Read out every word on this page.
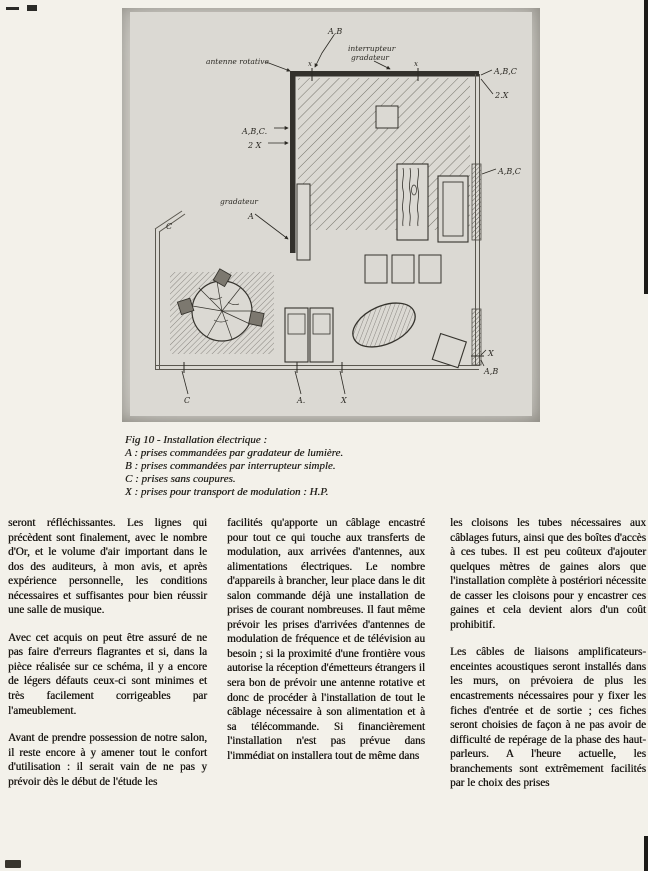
A,B
interrupteur
gradateur
antenne rotative
A,B,C
2.X
A,B,C
A,B,C.
2 X
gradateur
A
C
C	A.	X
X
A,B
x	x
Fig 10 - Installation électrique :
A : prises commandées par gradateur de lumière.
B : prises commandées par interrupteur simple.
C : prises sans coupures.
X : prises pour transport de modulation : H.P.

seront réfléchissantes. Les lignes qui précèdent sont finalement, avec le nombre d'Or, et le volume d'air important dans le dos des auditeurs, à mon avis, et après expérience personnelle, les conditions nécessaires et suffisantes pour bien réussir une salle de musique.

Avec cet acquis on peut être assuré de ne pas faire d'erreurs flagrantes et si, dans la pièce réalisée sur ce schéma, il y a encore de légers défauts ceux-ci sont minimes et très facilement corrigeables par l'ameublement.

Avant de prendre possession de notre salon, il reste encore à y amener tout le confort d'utilisation : il serait vain de ne pas y prévoir dès le début de l'étude les

facilités qu'apporte un câblage encastré pour tout ce qui touche aux transferts de modulation, aux arrivées d'antennes, aux alimentations électriques. Le nombre d'appareils à brancher, leur place dans le dit salon commande déjà une installation de prises de courant nombreuses. Il faut même prévoir les prises d'arrivées d'antennes de modulation de fréquence et de télévision au besoin ; si la proximité d'une frontière vous autorise la réception d'émetteurs étrangers il sera bon de prévoir une antenne rotative et donc de procéder à l'installation de tout le câblage nécessaire à son alimentation et à sa télécommande. Si financièrement l'installation n'est pas prévue dans l'immédiat on installera tout de même dans

les cloisons les tubes nécessaires aux câblages futurs, ainsi que des boîtes d'accès à ces tubes. Il est peu coûteux d'ajouter quelques mètres de gaines alors que l'installation complète à postériori nécessite de casser les cloisons pour y encastrer ces gaines et cela devient alors d'un coût prohibitif.

Les câbles de liaisons amplificateurs-enceintes acoustiques seront installés dans les murs, on prévoiera de plus les encastrements nécessaires pour y fixer les fiches d'entrée et de sortie ; ces fiches seront choisies de façon à ne pas avoir de difficulté de repérage de la phase des haut-parleurs. A l'heure actuelle, les branchements sont extrêmement facilités par le choix des prises
